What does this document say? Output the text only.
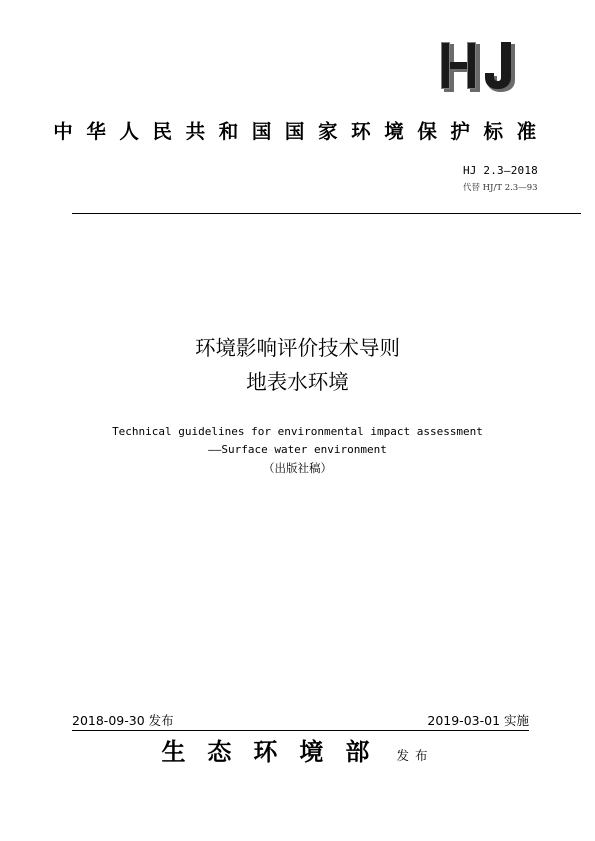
中华人民共和国国家环境保护标准
HJ 2.3—2018
代替 HJ/T 2.3—93
环境影响评价技术导则
地表水环境
Technical guidelines for environmental impact assessment
——Surface water environment
（出版社稿）
2018-09-30 发布	2019-03-01 实施
生态环境部 发布
